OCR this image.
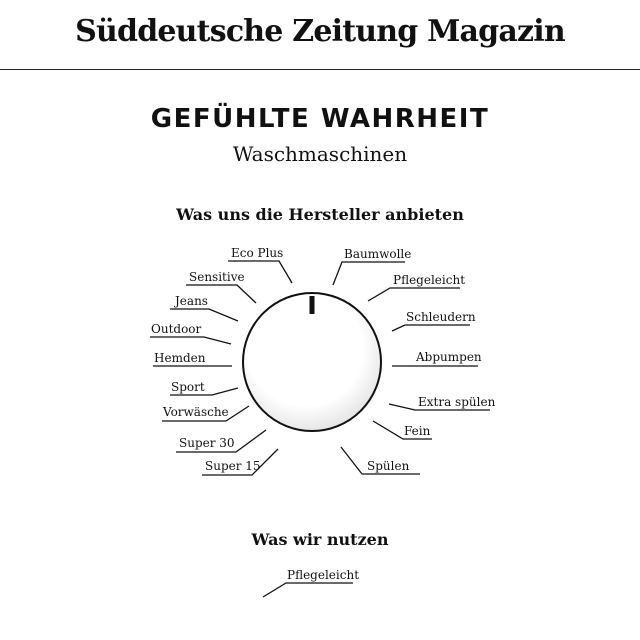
Süddeutsche Zeitung Magazin
GEFÜHLTE WAHRHEIT
Waschmaschinen
Was uns die Hersteller anbieten
Eco Plus	Baumwolle
Pflegeleicht
Schleudern
Abpumpen
Extra spülen
Fein
Spülen
Super 15
Super 30
Vorwäsche
Sport
Hemden
Outdoor
Jeans
Sensitive
Pflegeleicht
Was wir nutzen
